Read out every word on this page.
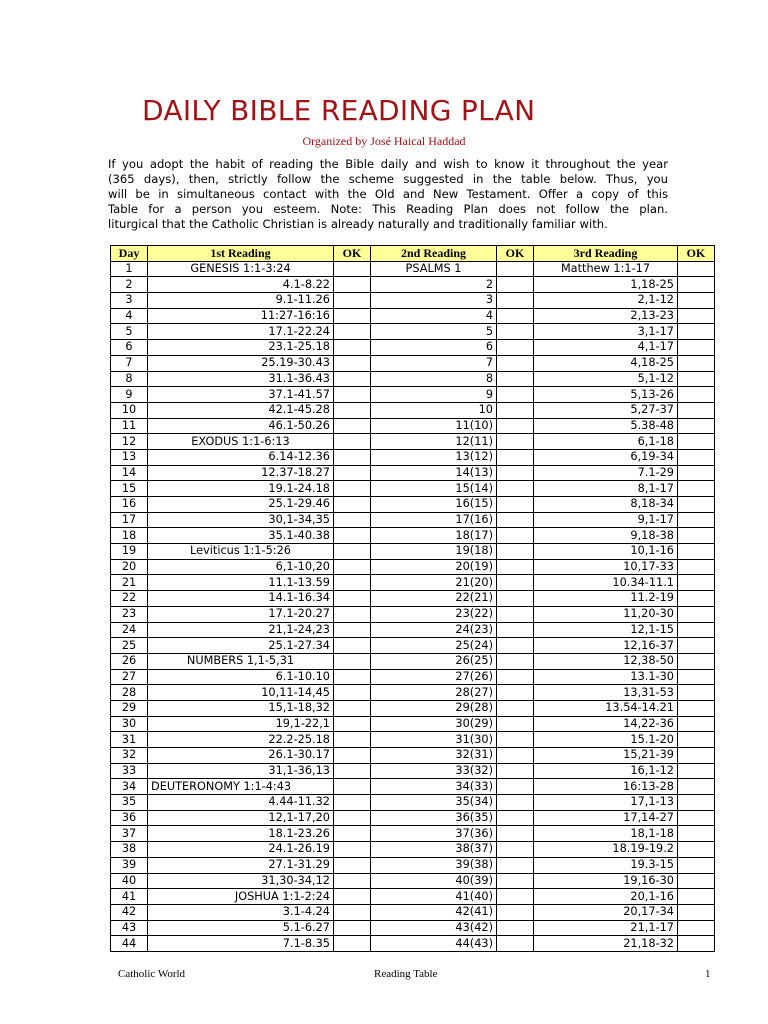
DAILY BIBLE READING PLAN
Organized by José Haical Haddad
If you adopt the habit of reading the Bible daily and wish to know it throughout the year
(365 days), then, strictly follow the scheme suggested in the table below. Thus, you
will be in simultaneous contact with the Old and New Testament. Offer a copy of this
Table for a person you esteem. Note: This Reading Plan does not follow the plan.
liturgical that the Catholic Christian is already naturally and traditionally familiar with.
Day	1st Reading	OK	2nd Reading	OK	3rd Reading	OK
1	GENESIS 1:1-3:24		PSALMS 1		Matthew 1:1-17	
2	4.1-8.22		2		1,18-25	
3	9.1-11.26		3		2,1-12	
4	11:27-16:16		4		2,13-23	
5	17.1-22.24		5		3,1-17	
6	23.1-25.18		6		4,1-17	
7	25.19-30.43		7		4,18-25	
8	31.1-36.43		8		5,1-12	
9	37.1-41.57		9		5,13-26	
10	42.1-45.28		10		5,27-37	
11	46.1-50.26		11(10)		5.38-48	
12	EXODUS 1:1-6:13		12(11)		6,1-18	
13	6.14-12.36		13(12)		6,19-34	
14	12.37-18.27		14(13)		7.1-29	
15	19.1-24.18		15(14)		8,1-17	
16	25.1-29.46		16(15)		8,18-34	
17	30,1-34,35		17(16)		9,1-17	
18	35.1-40.38		18(17)		9,18-38	
19	Leviticus 1:1-5:26		19(18)		10,1-16	
20	6,1-10,20		20(19)		10,17-33	
21	11.1-13.59		21(20)		10.34-11.1	
22	14.1-16.34		22(21)		11.2-19	
23	17.1-20.27		23(22)		11,20-30	
24	21,1-24,23		24(23)		12,1-15	
25	25.1-27.34		25(24)		12,16-37	
26	NUMBERS 1,1-5,31		26(25)		12,38-50	
27	6.1-10.10		27(26)		13.1-30	
28	10,11-14,45		28(27)		13,31-53	
29	15,1-18,32		29(28)		13.54-14.21	
30	19,1-22,1		30(29)		14,22-36	
31	22.2-25.18		31(30)		15.1-20	
32	26.1-30.17		32(31)		15,21-39	
33	31,1-36,13		33(32)		16,1-12	
34	DEUTERONOMY 1:1-4:43		34(33)		16:13-28	
35	4.44-11.32		35(34)		17,1-13	
36	12,1-17,20		36(35)		17,14-27	
37	18.1-23.26		37(36)		18,1-18	
38	24.1-26.19		38(37)		18.19-19.2	
39	27.1-31.29		39(38)		19.3-15	
40	31,30-34,12		40(39)		19,16-30	
41	JOSHUA 1:1-2:24		41(40)		20,1-16	
42	3.1-4.24		42(41)		20,17-34	
43	5.1-6.27		43(42)		21,1-17	
44	7.1-8.35		44(43)		21,18-32	
Catholic World	Reading Table	1
